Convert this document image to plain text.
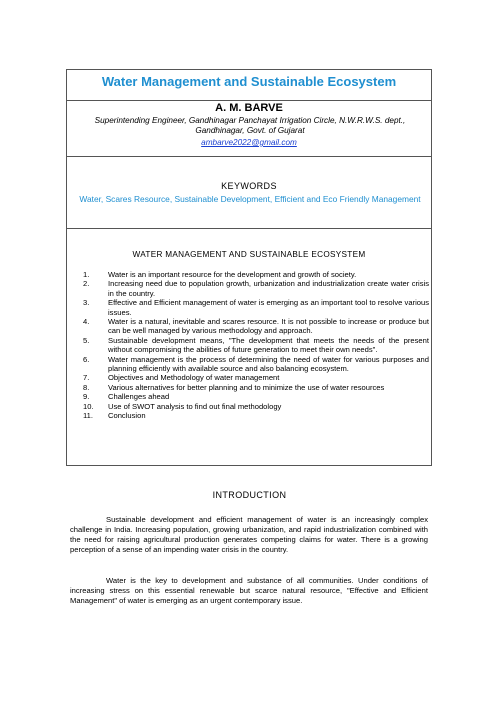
Water Management and Sustainable Ecosystem
A. M. BARVE
Superintending Engineer, Gandhinagar Panchayat Irrigation Circle, N.W.R.W.S. dept., Gandhinagar, Govt. of Gujarat
ambarve2022@gmail.com
KEYWORDS
Water, Scares Resource, Sustainable Development, Efficient and Eco Friendly Management
WATER MANAGEMENT AND SUSTAINABLE ECOSYSTEM
1.	Water is an important resource for the development and growth of society.
2.	Increasing need due to population growth, urbanization and industrialization create water crisis in the country.
3.	Effective and Efficient management of water is emerging as an important tool to resolve various issues.
4.	Water is a natural, inevitable and scares resource. It is not possible to increase or produce but can be well managed by various methodology and approach.
5.	Sustainable development means, "The development that meets the needs of the present without compromising the abilities of future generation to meet their own needs".
6.	Water management is the process of determining the need of water for various purposes and planning efficiently with available source and also balancing ecosystem.
7.	Objectives and Methodology of water management
8.	Various alternatives for better planning and to minimize the use of water resources
9.	Challenges ahead
10.	Use of SWOT analysis to find out final methodology
11.	Conclusion
INTRODUCTION

Sustainable development and efficient management of water is an increasingly complex challenge in India. Increasing population, growing urbanization, and rapid industrialization combined with the need for raising agricultural production generates competing claims for water. There is a growing perception of a sense of an impending water crisis in the country.

Water is the key to development and substance of all communities. Under conditions of increasing stress on this essential renewable but scarce natural resource, "Effective and Efficient Management" of water is emerging as an urgent contemporary issue.
